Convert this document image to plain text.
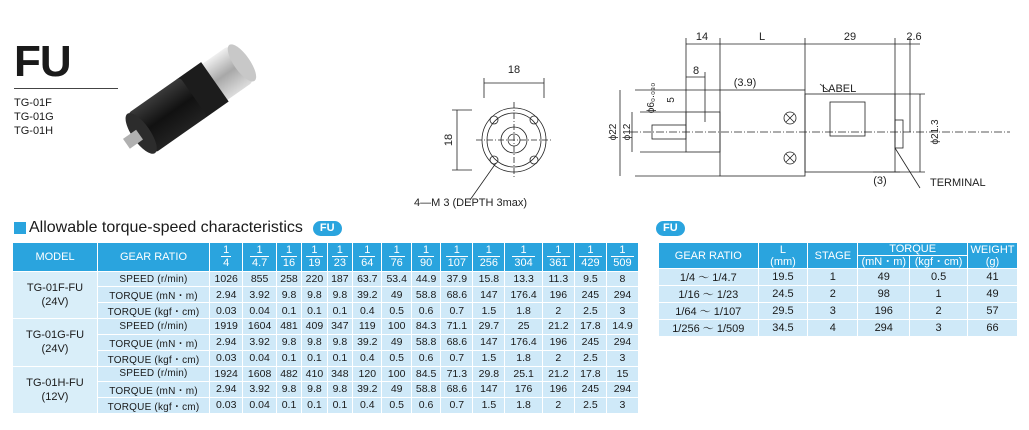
FU
TG-01F
TG-01G
TG-01H
18
18
4—M 3 (DEPTH 3max)
14	L	29	2.6
8
(3.9)
ϕ6₀.₀₃₀ 5
ϕ22 ϕ12	ϕ21.3
(3)
LABEL
TERMINAL
Allowable torque-speed characteristics	FU	FU
MODEL	GEAR RATIO	$\frac{1}{4}$	$\frac{1}{4.7}$	$\frac{1}{16}$	$\frac{1}{19}$	$\frac{1}{23}$	$\frac{1}{64}$	$\frac{1}{76}$	$\frac{1}{90}$	$\frac{1}{107}$	$\frac{1}{256}$	$\frac{1}{304}$	$\frac{1}{361}$	$\frac{1}{429}$	$\frac{1}{509}$

TG-01F-FU
(24V)	SPEED (r/min)	1026	855	258	220	187	63.7	53.4	44.9	37.9	15.8	13.3	11.3	9.5	8
	TORQUE (mN・m)	2.94	3.92	9.8	9.8	9.8	39.2	49	58.8	68.6	147	176.4	196	245	294
	TORQUE (kgf・cm)	0.03	0.04	0.1	0.1	0.1	0.4	0.5	0.6	0.7	1.5	1.8	2	2.5	3

TG-01G-FU
(24V)	SPEED (r/min)	1919	1604	481	409	347	119	100	84.3	71.1	29.7	25	21.2	17.8	14.9
	TORQUE (mN・m)	2.94	3.92	9.8	9.8	9.8	39.2	49	58.8	68.6	147	176.4	196	245	294
	TORQUE (kgf・cm)	0.03	0.04	0.1	0.1	0.1	0.4	0.5	0.6	0.7	1.5	1.8	2	2.5	3

TG-01H-FU
(12V)	SPEED (r/min)	1924	1608	482	410	348	120	100	84.5	71.3	29.8	25.1	21.2	17.8	15
	TORQUE (mN・m)	2.94	3.92	9.8	9.8	9.8	39.2	49	58.8	68.6	147	176	196	245	294
	TORQUE (kgf・cm)	0.03	0.04	0.1	0.1	0.1	0.4	0.5	0.6	0.7	1.5	1.8	2	2.5	3
GEAR RATIO	L
(mm)	STAGE	TORQUE		WEIGHT
(g)
			(mN・m)	(kgf・cm)	
1/4 ～ 1/4.7	19.5	1	49	0.5	41
1/16 ～ 1/23	24.5	2	98	1	49
1/64 ～ 1/107	29.5	3	196	2	57
1/256 ～ 1/509	34.5	4	294	3	66
